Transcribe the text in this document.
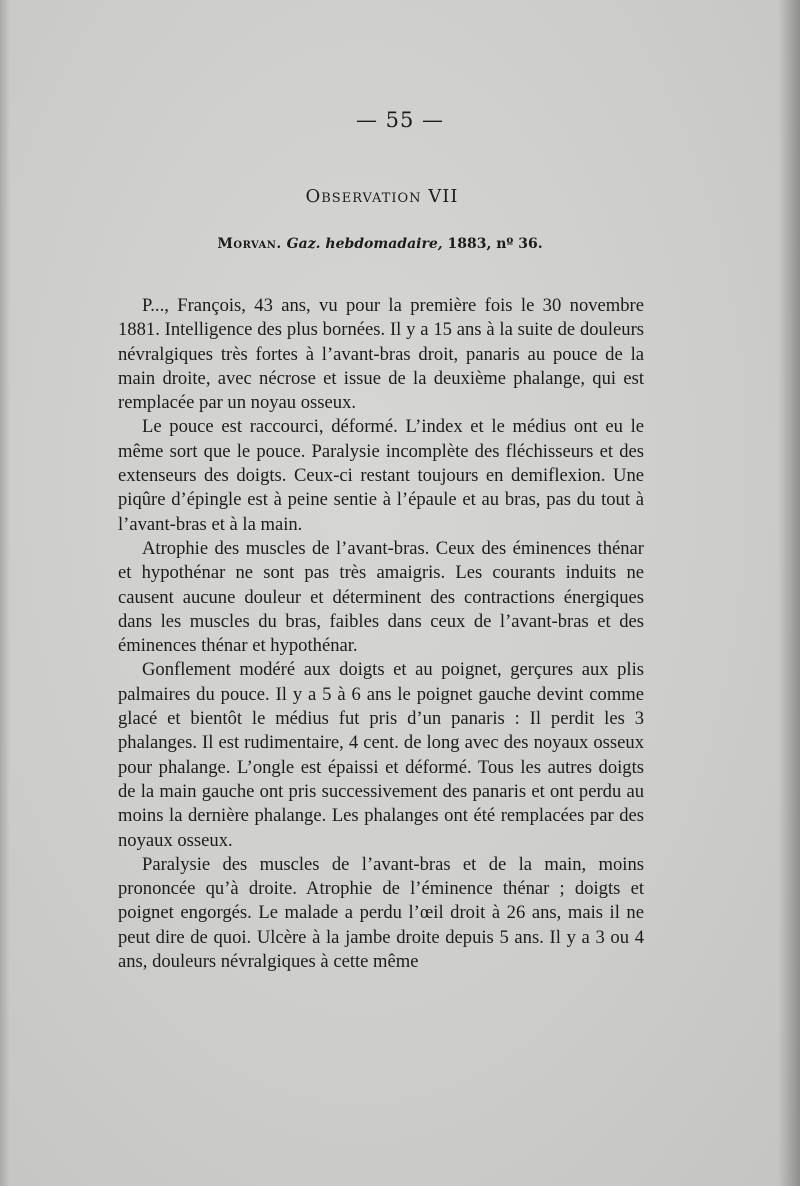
— 55 —
Observation VII
Morvan. Gaz. hebdomadaire, 1883, nº 36.

P..., François, 43 ans, vu pour la première fois le 30 novembre 1881. Intelligence des plus bornées. Il y a 15 ans à la suite de douleurs névralgiques très fortes à l’avant-bras droit, panaris au pouce de la main droite, avec nécrose et issue de la deuxième phalange, qui est remplacée par un noyau osseux.

Le pouce est raccourci, déformé. L’index et le médius ont eu le même sort que le pouce. Paralysie incomplète des fléchisseurs et des extenseurs des doigts. Ceux-ci restant toujours en demiflexion. Une piqûre d’épingle est à peine sentie à l’épaule et au bras, pas du tout à l’avant-bras et à la main.

Atrophie des muscles de l’avant-bras. Ceux des éminences thénar et hypothénar ne sont pas très amaigris. Les courants induits ne causent aucune douleur et déterminent des contractions énergiques dans les muscles du bras, faibles dans ceux de l’avant-bras et des éminences thénar et hypothénar.

Gonflement modéré aux doigts et au poignet, gerçures aux plis palmaires du pouce. Il y a 5 à 6 ans le poignet gauche devint comme glacé et bientôt le médius fut pris d’un panaris : Il perdit les 3 phalanges. Il est rudimentaire, 4 cent. de long avec des noyaux osseux pour phalange. L’ongle est épaissi et déformé. Tous les autres doigts de la main gauche ont pris successivement des panaris et ont perdu au moins la dernière phalange. Les phalanges ont été remplacées par des noyaux osseux.

Paralysie des muscles de l’avant-bras et de la main, moins prononcée qu’à droite. Atrophie de l’éminence thénar ; doigts et poignet engorgés. Le malade a perdu l’œil droit à 26 ans, mais il ne peut dire de quoi. Ulcère à la jambe droite depuis 5 ans. Il y a 3 ou 4 ans, douleurs névralgiques à cette même
